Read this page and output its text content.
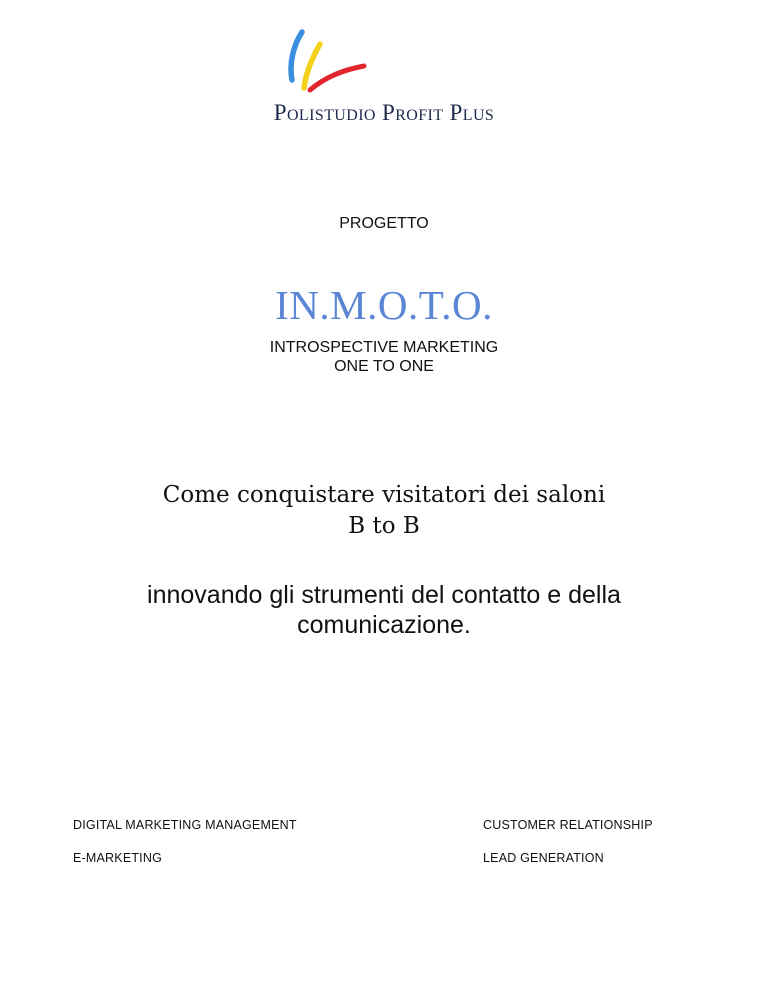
Polistudio Profit Plus
PROGETTO
IN.M.O.T.O.
INTROSPECTIVE MARKETING
ONE TO ONE
Come conquistare visitatori dei saloni
B to B
innovando gli strumenti del contatto e della
comunicazione.
DIGITAL MARKETING MANAGEMENT	CUSTOMER RELATIONSHIP
E-MARKETING	LEAD GENERATION
